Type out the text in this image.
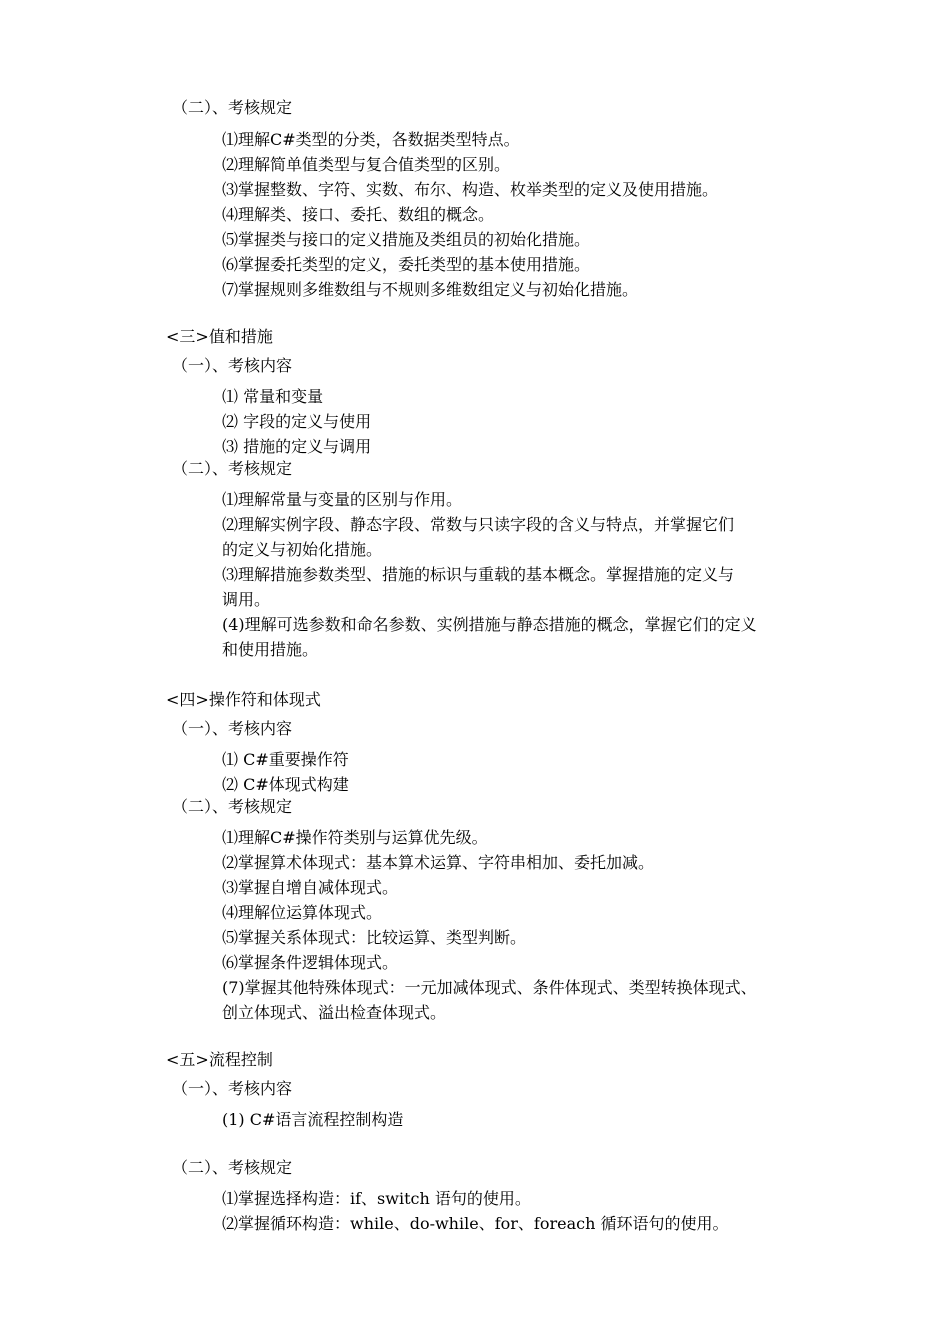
（二）、考核规定
⑴理解C#类型的分类，各数据类型特点。
⑵理解简单值类型与复合值类型的区别。
⑶掌握整数、字符、实数、布尔、构造、枚举类型的定义及使用措施。
⑷理解类、接口、委托、数组的概念。
⑸掌握类与接口的定义措施及类组员的初始化措施。
⑹掌握委托类型的定义，委托类型的基本使用措施。
⑺掌握规则多维数组与不规则多维数组定义与初始化措施。
<三>值和措施
（一）、考核内容
⑴ 常量和变量
⑵ 字段的定义与使用
⑶ 措施的定义与调用
（二）、考核规定
⑴理解常量与变量的区别与作用。
⑵理解实例字段、静态字段、常数与只读字段的含义与特点，并掌握它们
的定义与初始化措施。
⑶理解措施参数类型、措施的标识与重载的基本概念。掌握措施的定义与
调用。
(4)理解可选参数和命名参数、实例措施与静态措施的概念，掌握它们的定义
和使用措施。
<四>操作符和体现式
（一）、考核内容
⑴ C#重要操作符
⑵ C#体现式构建
（二）、考核规定
⑴理解C#操作符类别与运算优先级。
⑵掌握算术体现式：基本算术运算、字符串相加、委托加减。
⑶掌握自增自减体现式。
⑷理解位运算体现式。
⑸掌握关系体现式：比较运算、类型判断。
⑹掌握条件逻辑体现式。
(7)掌握其他特殊体现式：一元加减体现式、条件体现式、类型转换体现式、
创立体现式、溢出检查体现式。
<五>流程控制
（一）、考核内容
(1) C#语言流程控制构造
（二）、考核规定
⑴掌握选择构造：if、switch 语句的使用。
⑵掌握循环构造：while、do-while、for、foreach 循环语句的使用。
